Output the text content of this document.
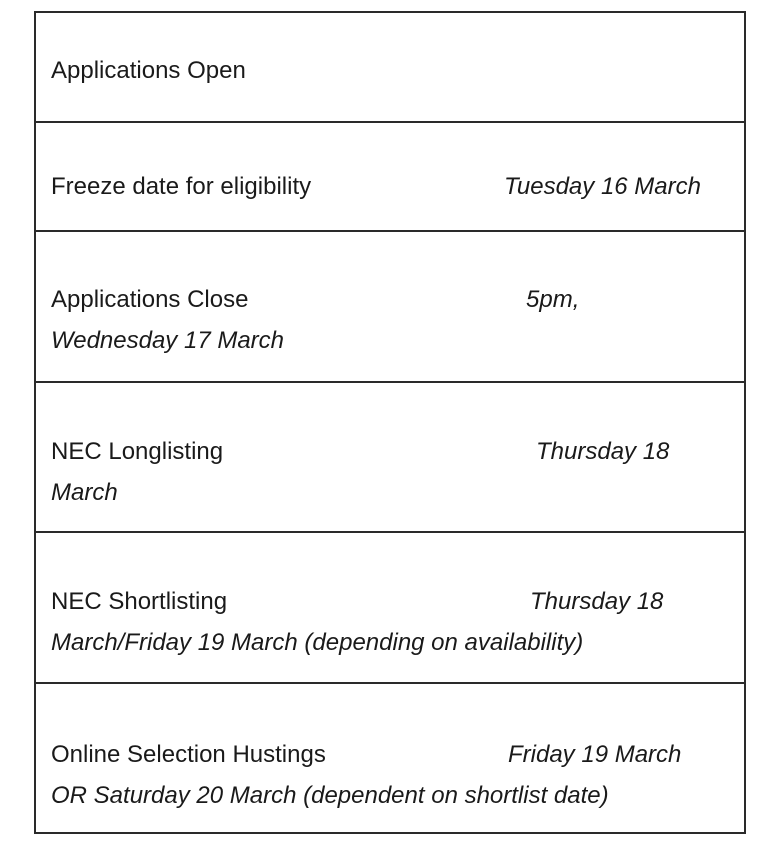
Applications Open
Freeze date for eligibility	Tuesday 16 March
Applications Close	5pm,
Wednesday 17 March
NEC Longlisting	Thursday 18
March
NEC Shortlisting	Thursday 18
March/Friday 19 March (depending on availability)
Online Selection Hustings	Friday 19 March
OR Saturday 20 March (dependent on shortlist date)
